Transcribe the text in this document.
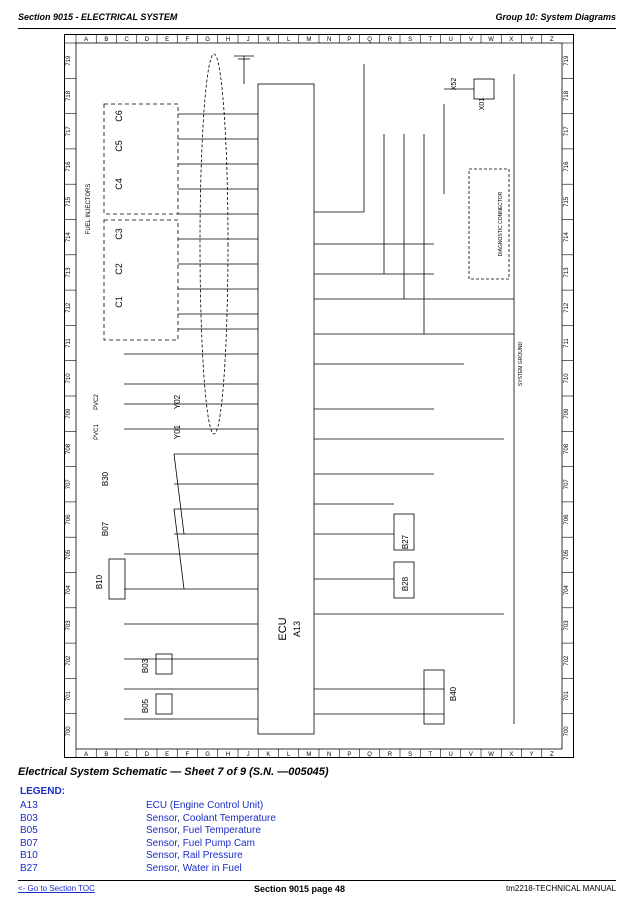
Section 9015 - ELECTRICAL SYSTEM	Group 10: System Diagrams
A
A
B
B
C
C
D
D
E
E
F
F
G
G
H
H
J
J
K
K
L
L
M
M
N
N
P
P
Q
Q
R
R
S
S
T
T
U
U
V
V
W
W
X
X
Y
Y
Z
Z
719	719
718	718
717	717
716	716
715	715
714	714
713	713
712	712
711	711
710	710
709	709
708	708
707	707
706	706
705	705
704	704
703	703
702	702
701	701
700	700
ECU A13
FUEL INJECTORS
SYSTEM GROUND
DIAGNOSTIC CONNECTOR
C6
C5
C4
C3
C2
C1
Y02
Y01
PVC2
PVC1
B30
B07
B10
B03
B05
B27
B28
B40
X01
X52
Electrical System Schematic — Sheet 7 of 9 (S.N. —005045)
LEGEND:
A13	ECU (Engine Control Unit)
B03	Sensor, Coolant Temperature
B05	Sensor, Fuel Temperature
B07	Sensor, Fuel Pump Cam
B10	Sensor, Rail Pressure
B27	Sensor, Water in Fuel
<- Go to Section TOC	Section 9015 page 48	tm2218-TECHNICAL MANUAL
